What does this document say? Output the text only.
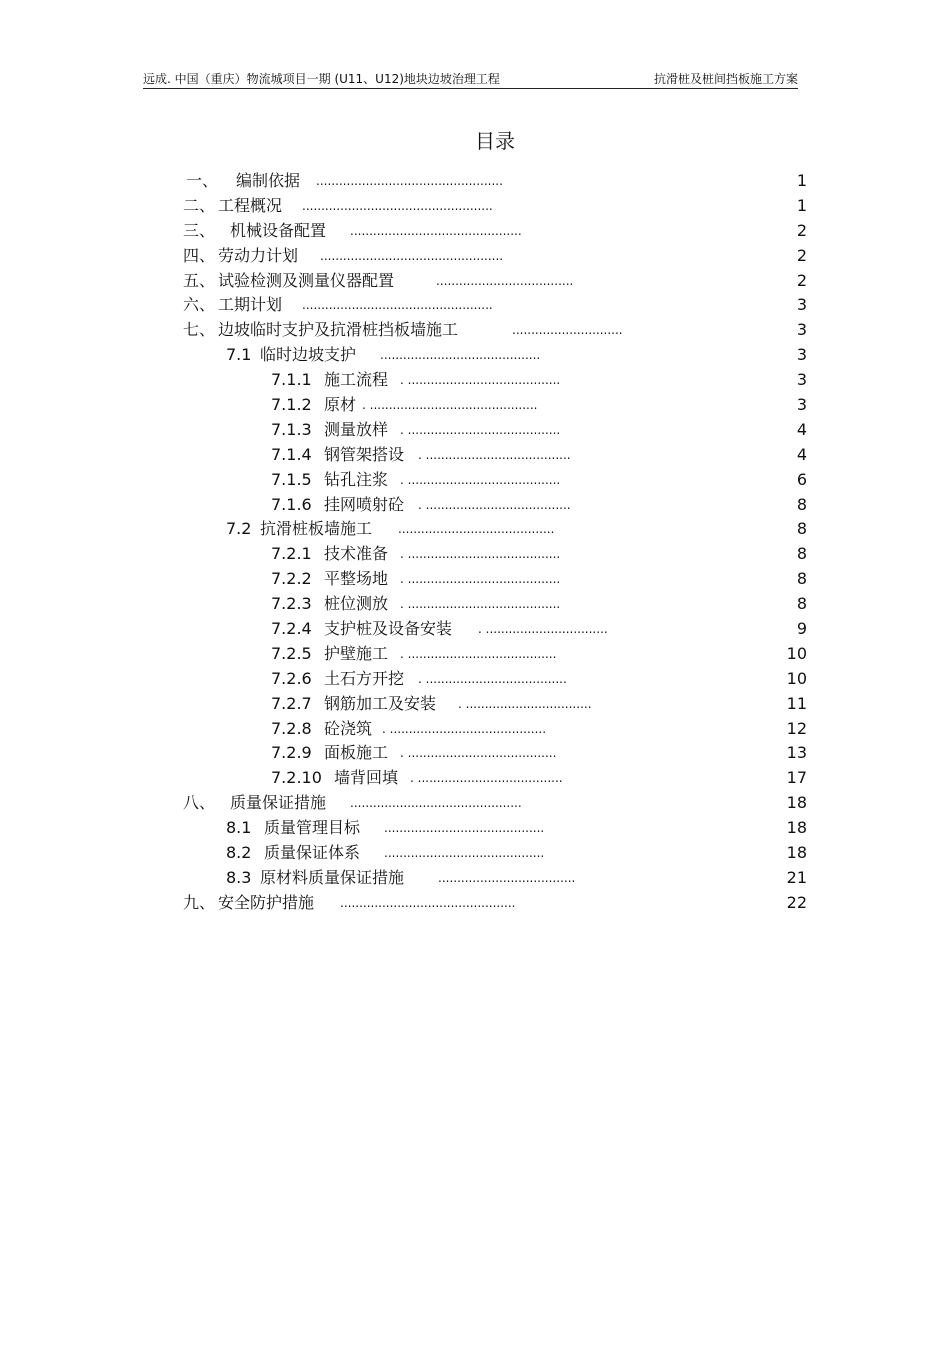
远成. 中国（重庆）物流城项目一期 (U11、U12)地块边坡治理工程	抗滑桩及桩间挡板施工方案
目录
一、 编制依据 .................................................	1
二、 工程概况 ..................................................	1
三、 机械设备配置 .............................................	2
四、 劳动力计划 ................................................	2
五、 试验检测及测量仪器配置	....................................	2
六、 工期计划 ..................................................	3
七、 边坡临时支护及抗滑桩挡板墙施工	.............................	3
7.1 临时边坡支护 ..........................................	3
7.1.1 施工流程 . ........................................	3
7.1.2 原材 . ............................................	3
7.1.3 测量放样 . ........................................	4
7.1.4 钢管架搭设 . ......................................	4
7.1.5 钻孔注浆 . ........................................	6
7.1.6 挂网喷射砼 . ......................................	8
7.2 抗滑桩板墙施工 .........................................	8
7.2.1 技术准备 . ........................................	8
7.2.2 平整场地 . ........................................	8
7.2.3 桩位测放 . ........................................	8
7.2.4 支护桩及设备安装 . ................................	9
7.2.5 护壁施工 . .......................................	10
7.2.6 土石方开挖 . .....................................	10
7.2.7 钢筋加工及安装 . .................................	11
7.2.8 砼浇筑 . .........................................	12
7.2.9 面板施工 . .......................................	13
7.2.10 墙背回填 . ......................................	17
八、 质量保证措施 .............................................	18
8.1 质量管理目标 ..........................................	18
8.2 质量保证体系 ..........................................	18
8.3 原材料质量保证措施	....................................	21
九、 安全防护措施 ..............................................	22
